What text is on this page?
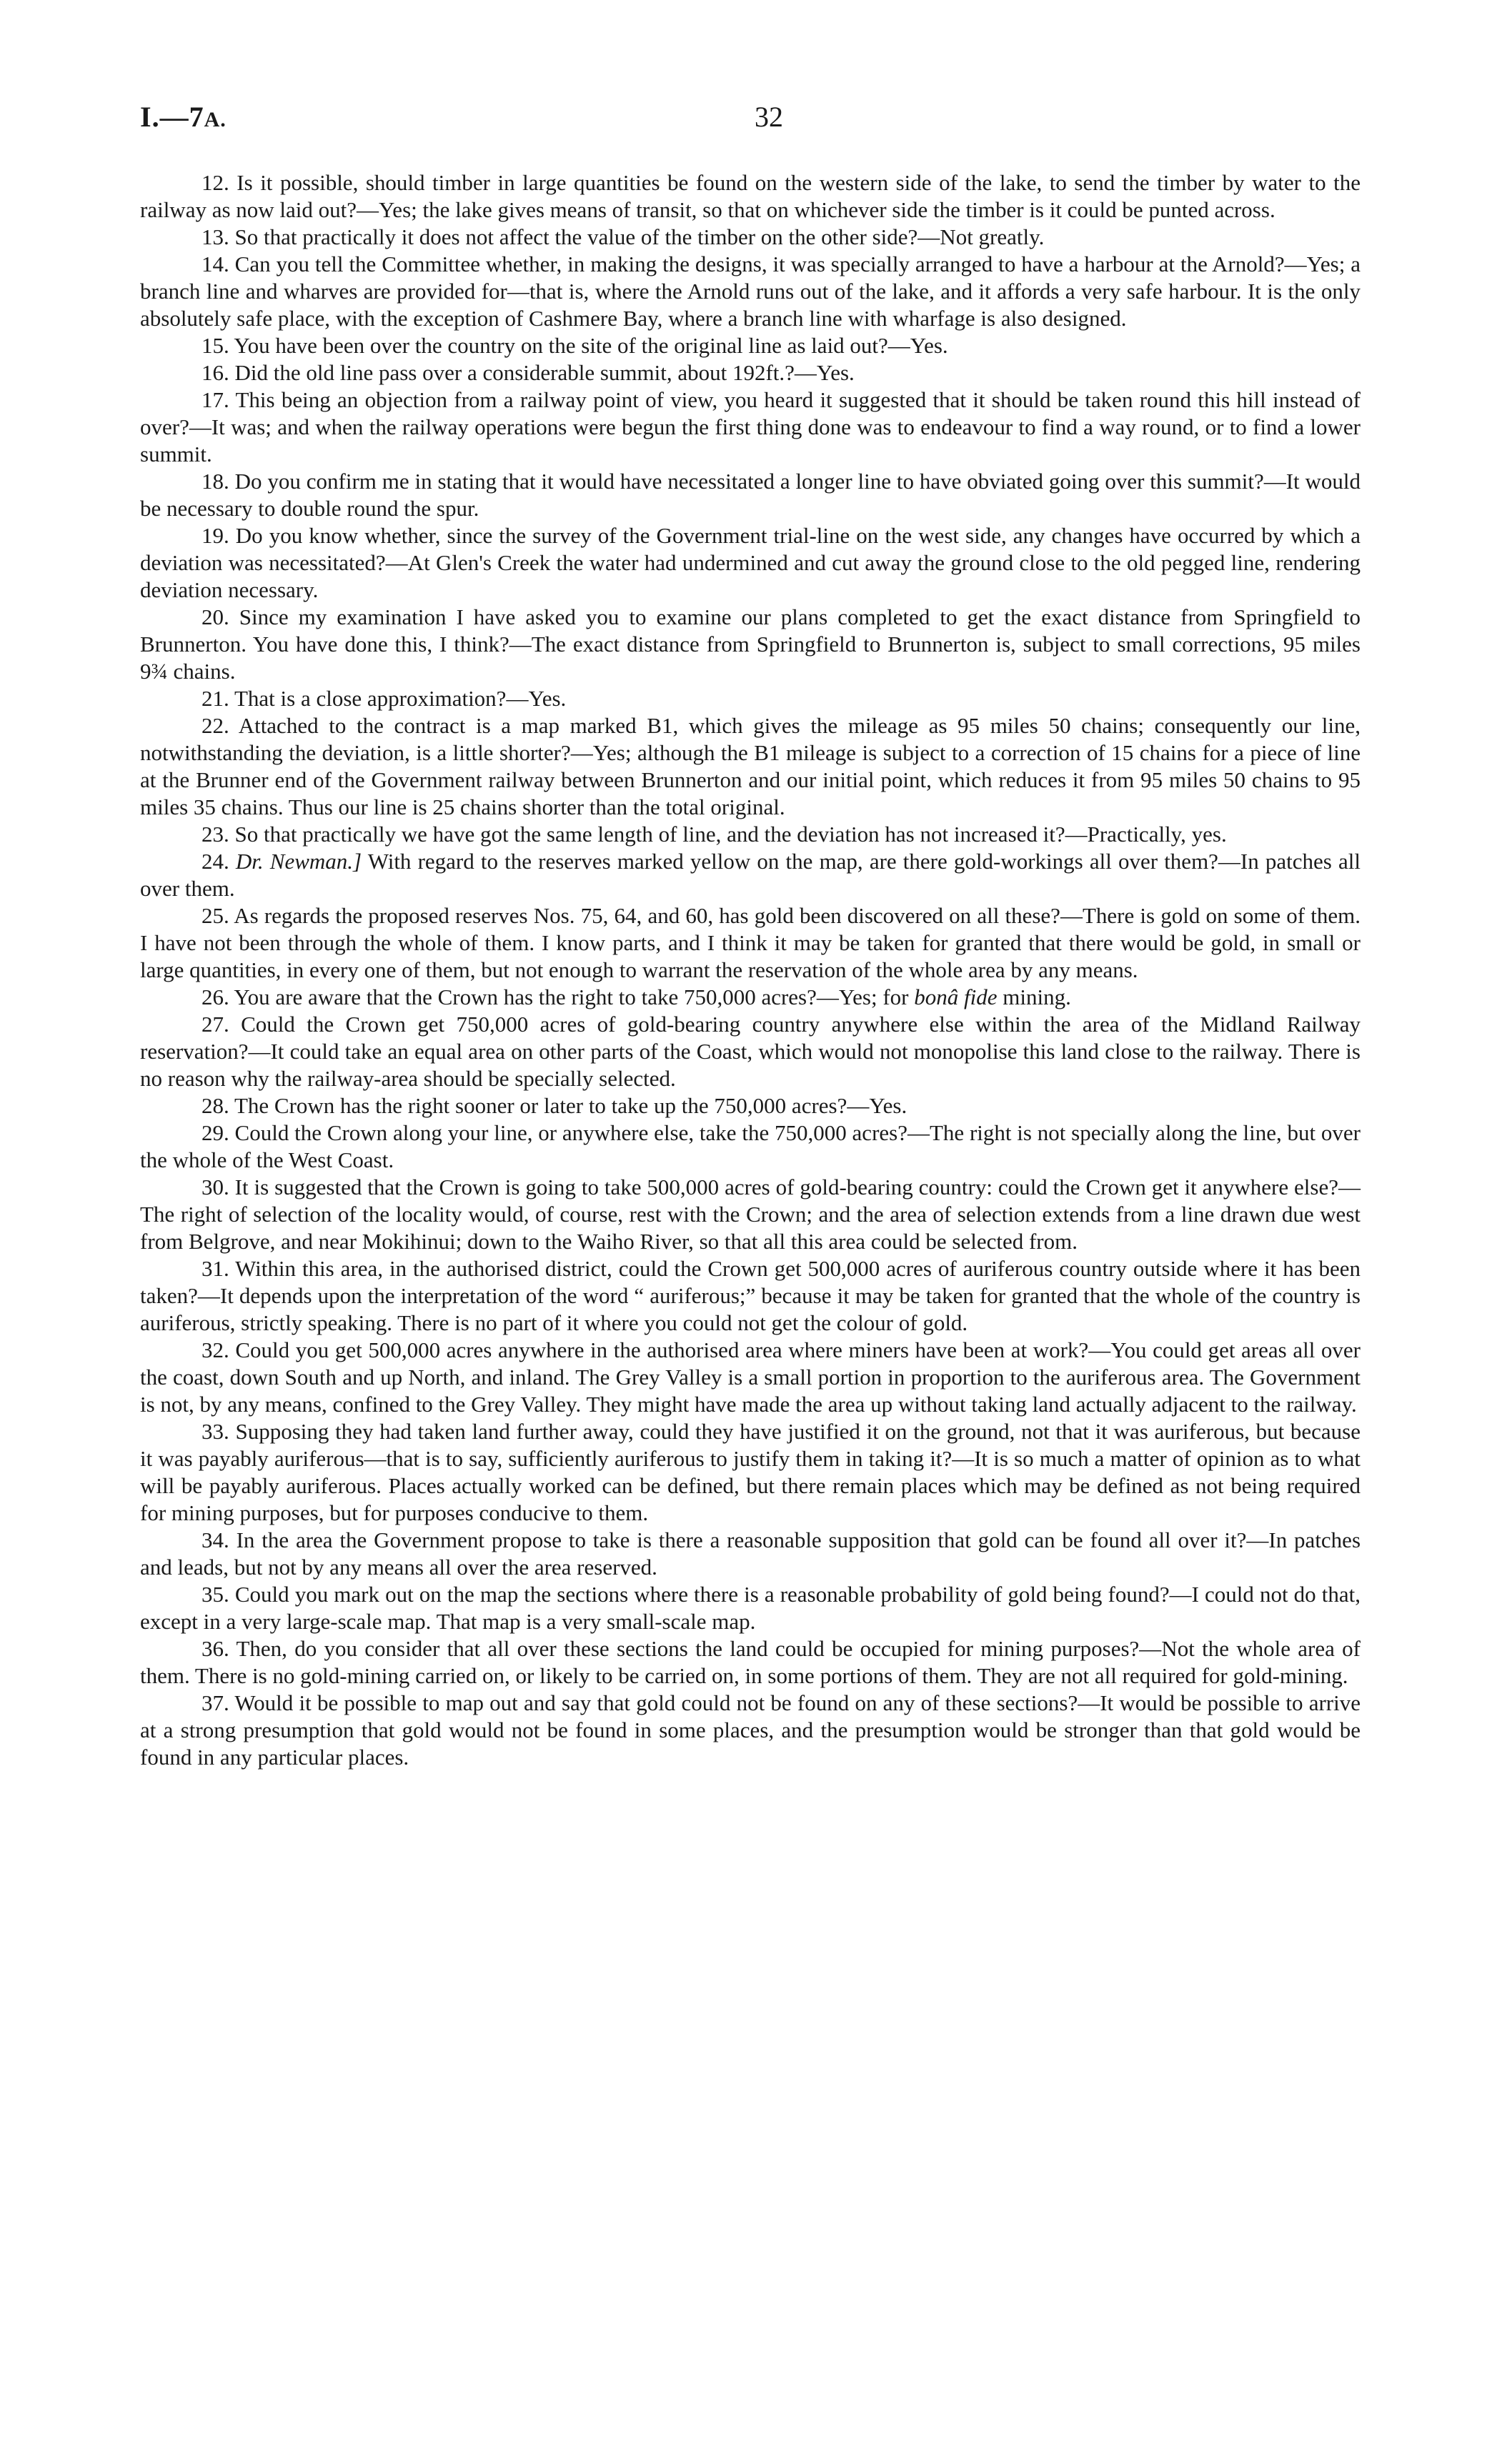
I.—7A.	32

12. Is it possible, should timber in large quantities be found on the western side of the lake, to send the timber by water to the railway as now laid out?—Yes; the lake gives means of transit, so that on whichever side the timber is it could be punted across.

13. So that practically it does not affect the value of the timber on the other side?—Not greatly.

14. Can you tell the Committee whether, in making the designs, it was specially arranged to have a harbour at the Arnold?—Yes; a branch line and wharves are provided for—that is, where the Arnold runs out of the lake, and it affords a very safe harbour. It is the only absolutely safe place, with the exception of Cashmere Bay, where a branch line with wharfage is also designed.

15. You have been over the country on the site of the original line as laid out?—Yes.

16. Did the old line pass over a considerable summit, about 192ft.?—Yes.

17. This being an objection from a railway point of view, you heard it suggested that it should be taken round this hill instead of over?—It was; and when the railway operations were begun the first thing done was to endeavour to find a way round, or to find a lower summit.

18. Do you confirm me in stating that it would have necessitated a longer line to have obviated going over this summit?—It would be necessary to double round the spur.

19. Do you know whether, since the survey of the Government trial-line on the west side, any changes have occurred by which a deviation was necessitated?—At Glen's Creek the water had undermined and cut away the ground close to the old pegged line, rendering deviation necessary.

20. Since my examination I have asked you to examine our plans completed to get the exact distance from Springfield to Brunnerton. You have done this, I think?—The exact distance from Springfield to Brunnerton is, subject to small corrections, 95 miles 9¾ chains.

21. That is a close approximation?—Yes.

22. Attached to the contract is a map marked B1, which gives the mileage as 95 miles 50 chains; consequently our line, notwithstanding the deviation, is a little shorter?—Yes; although the B1 mileage is subject to a correction of 15 chains for a piece of line at the Brunner end of the Government railway between Brunnerton and our initial point, which reduces it from 95 miles 50 chains to 95 miles 35 chains. Thus our line is 25 chains shorter than the total original.

23. So that practically we have got the same length of line, and the deviation has not increased it?—Practically, yes.

24. Dr. Newman.] With regard to the reserves marked yellow on the map, are there gold-workings all over them?—In patches all over them.

25. As regards the proposed reserves Nos. 75, 64, and 60, has gold been discovered on all these?—There is gold on some of them. I have not been through the whole of them. I know parts, and I think it may be taken for granted that there would be gold, in small or large quantities, in every one of them, but not enough to warrant the reservation of the whole area by any means.

26. You are aware that the Crown has the right to take 750,000 acres?—Yes; for bonâ fide mining.

27. Could the Crown get 750,000 acres of gold-bearing country anywhere else within the area of the Midland Railway reservation?—It could take an equal area on other parts of the Coast, which would not monopolise this land close to the railway. There is no reason why the railway-area should be specially selected.

28. The Crown has the right sooner or later to take up the 750,000 acres?—Yes.

29. Could the Crown along your line, or anywhere else, take the 750,000 acres?—The right is not specially along the line, but over the whole of the West Coast.

30. It is suggested that the Crown is going to take 500,000 acres of gold-bearing country: could the Crown get it anywhere else?—The right of selection of the locality would, of course, rest with the Crown; and the area of selection extends from a line drawn due west from Belgrove, and near Mokihinui; down to the Waiho River, so that all this area could be selected from.

31. Within this area, in the authorised district, could the Crown get 500,000 acres of auriferous country outside where it has been taken?—It depends upon the interpretation of the word “ auriferous;” because it may be taken for granted that the whole of the country is auriferous, strictly speaking. There is no part of it where you could not get the colour of gold.

32. Could you get 500,000 acres anywhere in the authorised area where miners have been at work?—You could get areas all over the coast, down South and up North, and inland. The Grey Valley is a small portion in proportion to the auriferous area. The Government is not, by any means, confined to the Grey Valley. They might have made the area up without taking land actually adjacent to the railway.

33. Supposing they had taken land further away, could they have justified it on the ground, not that it was auriferous, but because it was payably auriferous—that is to say, sufficiently auriferous to justify them in taking it?—It is so much a matter of opinion as to what will be payably auriferous. Places actually worked can be defined, but there remain places which may be defined as not being required for mining purposes, but for purposes conducive to them.

34. In the area the Government propose to take is there a reasonable supposition that gold can be found all over it?—In patches and leads, but not by any means all over the area reserved.

35. Could you mark out on the map the sections where there is a reasonable probability of gold being found?—I could not do that, except in a very large-scale map. That map is a very small-scale map.

36. Then, do you consider that all over these sections the land could be occupied for mining purposes?—Not the whole area of them. There is no gold-mining carried on, or likely to be carried on, in some portions of them. They are not all required for gold-mining.

37. Would it be possible to map out and say that gold could not be found on any of these sections?—It would be possible to arrive at a strong presumption that gold would not be found in some places, and the presumption would be stronger than that gold would be found in any particular places.
